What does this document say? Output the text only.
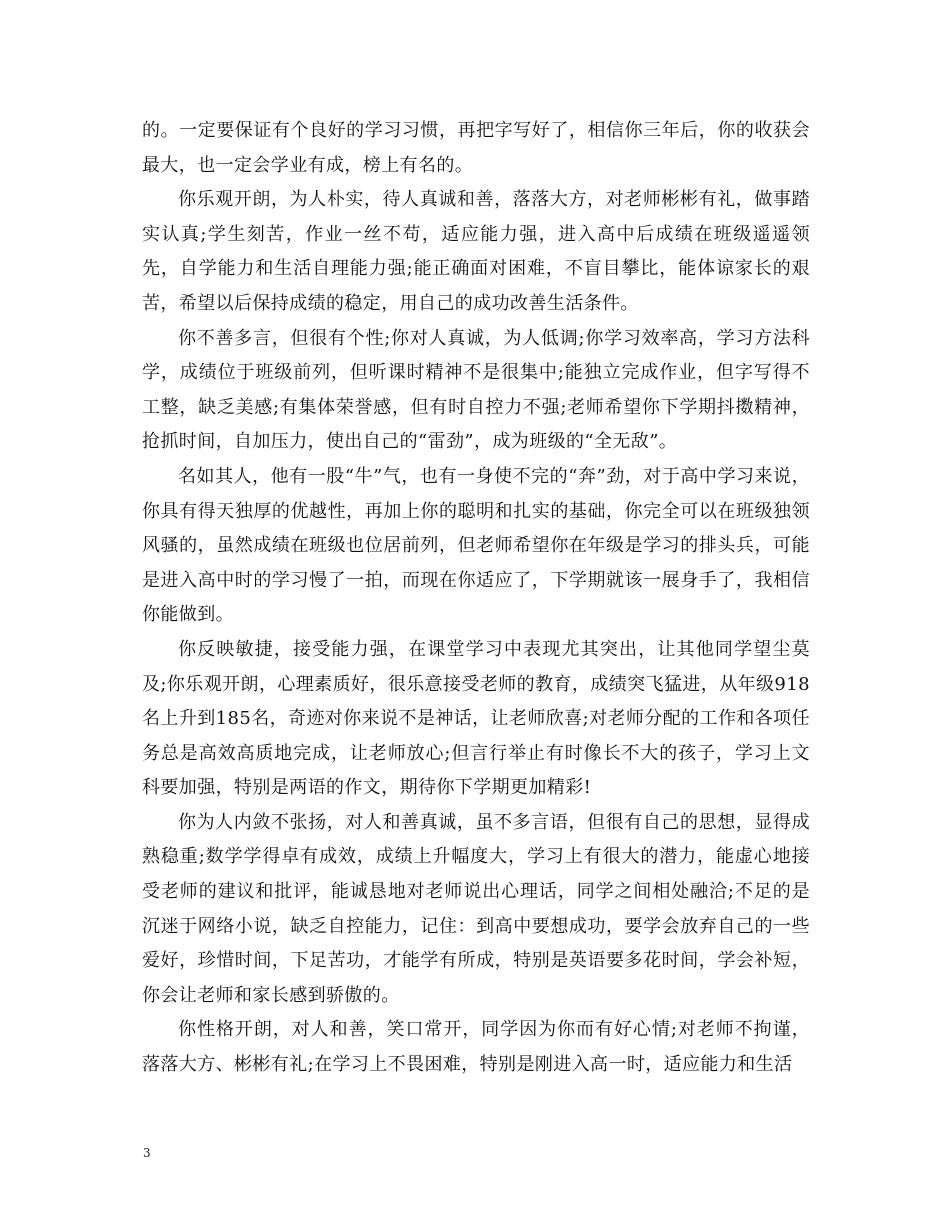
的。一定要保证有个良好的学习习惯，再把字写好了，相信你三年后，你的收获会最大，也一定会学业有成，榜上有名的。

你乐观开朗，为人朴实，待人真诚和善，落落大方，对老师彬彬有礼，做事踏实认真;学生刻苦，作业一丝不苟，适应能力强，进入高中后成绩在班级遥遥领先，自学能力和生活自理能力强;能正确面对困难，不盲目攀比，能体谅家长的艰苦，希望以后保持成绩的稳定，用自己的成功改善生活条件。

你不善多言，但很有个性;你对人真诚，为人低调;你学习效率高，学习方法科学，成绩位于班级前列，但听课时精神不是很集中;能独立完成作业，但字写得不工整，缺乏美感;有集体荣誉感，但有时自控力不强;老师希望你下学期抖擞精神，抢抓时间，自加压力，使出自己的“雷劲”，成为班级的“全无敌”。

名如其人，他有一股“牛”气，也有一身使不完的“奔”劲，对于高中学习来说，你具有得天独厚的优越性，再加上你的聪明和扎实的基础，你完全可以在班级独领风骚的，虽然成绩在班级也位居前列，但老师希望你在年级是学习的排头兵，可能是进入高中时的学习慢了一拍，而现在你适应了，下学期就该一展身手了，我相信你能做到。

你反映敏捷，接受能力强，在课堂学习中表现尤其突出，让其他同学望尘莫及;你乐观开朗，心理素质好，很乐意接受老师的教育，成绩突飞猛进，从年级918名上升到185名，奇迹对你来说不是神话，让老师欣喜;对老师分配的工作和各项任务总是高效高质地完成，让老师放心;但言行举止有时像长不大的孩子，学习上文科要加强，特别是两语的作文，期待你下学期更加精彩!

你为人内敛不张扬，对人和善真诚，虽不多言语，但很有自己的思想，显得成熟稳重;数学学得卓有成效，成绩上升幅度大，学习上有很大的潜力，能虚心地接受老师的建议和批评，能诚恳地对老师说出心理话，同学之间相处融洽;不足的是沉迷于网络小说，缺乏自控能力，记住：到高中要想成功，要学会放弃自己的一些爱好，珍惜时间，下足苦功，才能学有所成，特别是英语要多花时间，学会补短，你会让老师和家长感到骄傲的。

你性格开朗，对人和善，笑口常开，同学因为你而有好心情;对老师不拘谨，落落大方、彬彬有礼;在学习上不畏困难，特别是刚进入高一时，适应能力和生活

3
